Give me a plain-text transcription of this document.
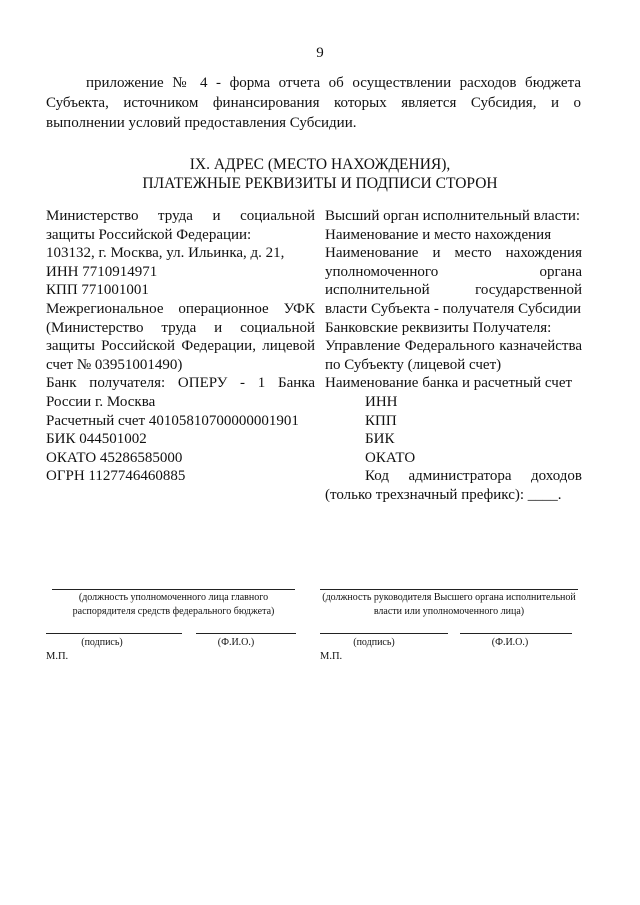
9
приложение № 4 - форма отчета об осуществлении расходов бюджета Субъекта, источником финансирования которых является Субсидия, и о выполнении условий предоставления Субсидии.
IX. АДРЕС (МЕСТО НАХОЖДЕНИЯ),
ПЛАТЕЖНЫЕ РЕКВИЗИТЫ И ПОДПИСИ СТОРОН

Министерство труда и социальной защиты Российской Федерации:

103132, г. Москва, ул. Ильинка, д. 21,

ИНН 7710914971

КПП 771001001

Межрегиональное операционное УФК (Министерство труда и социальной защиты Российской Федерации, лицевой счет № 03951001490)

Банк получателя: ОПЕРУ - 1 Банка России г. Москва

Расчетный счет 40105810700000001901

БИК 044501002

ОКАТО 45286585000

ОГРН 1127746460885

Высший орган исполнительный власти:

Наименование и место нахождения

Наименование и место нахождения уполномоченного органа исполнительной государственной власти Субъекта - получателя Субсидии

Банковские реквизиты Получателя:

Управление Федерального казначейства по Субъекту (лицевой счет)

Наименование банка и расчетный счет

ИНН

КПП

БИК

ОКАТО

Код администратора доходов (только трехзначный префикс): ____.

(должность уполномоченного лица главного распорядителя средств федерального бюджета)
(подпись)	(Ф.И.О.)
М.П.
(должность руководителя Высшего органа исполнительной власти или уполномоченного лица)
(подпись)	(Ф.И.О.)
М.П.
